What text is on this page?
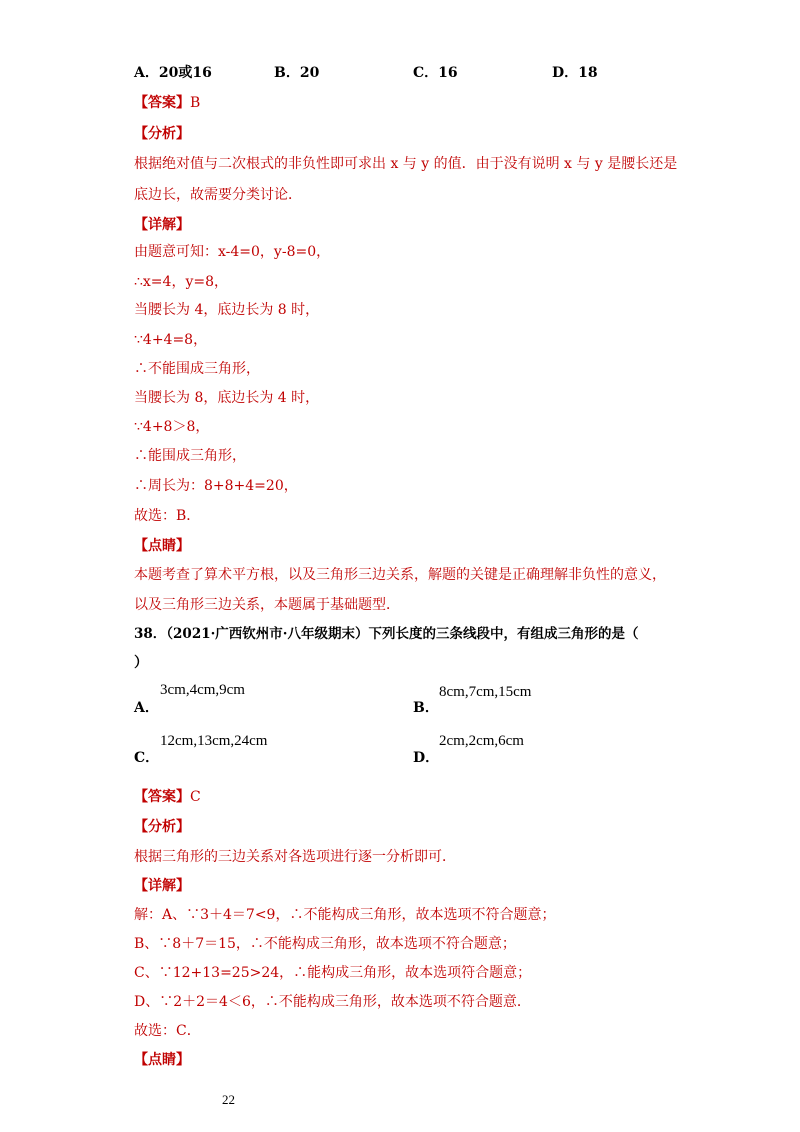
A．20或16	B．20	C．16	D．18
【答案】B
【分析】
根据绝对值与二次根式的非负性即可求出 x 与 y 的值．由于没有说明 x 与 y 是腰长还是
底边长，故需要分类讨论．
【详解】
由题意可知：x-4=0，y-8=0，
∴x=4，y=8，
当腰长为 4，底边长为 8 时，
∵4+4=8，
∴不能围成三角形，
当腰长为 8，底边长为 4 时，
∵4+8＞8，
∴能围成三角形，
∴周长为：8+8+4=20，
故选：B．
【点睛】
本题考查了算术平方根，以及三角形三边关系，解题的关键是正确理解非负性的意义，
以及三角形三边关系，本题属于基础题型．
38．（2021·广西钦州市·八年级期末）下列长度的三条线段中，有组成三角形的是（
）
A．
3cm,4cm,9cm
B．
8cm,7cm,15cm
C．
12cm,13cm,24cm
D．
2cm,2cm,6cm
【答案】C
【分析】
根据三角形的三边关系对各选项进行逐一分析即可．
【详解】
解：A、∵3＋4＝7<9，∴不能构成三角形，故本选项不符合题意；
B、∵8＋7＝15，∴不能构成三角形，故本选项不符合题意；
C、∵12+13=25>24，∴能构成三角形，故本选项符合题意；
D、∵2＋2＝4＜6，∴不能构成三角形，故本选项不符合题意．
故选：C．
【点睛】
22
